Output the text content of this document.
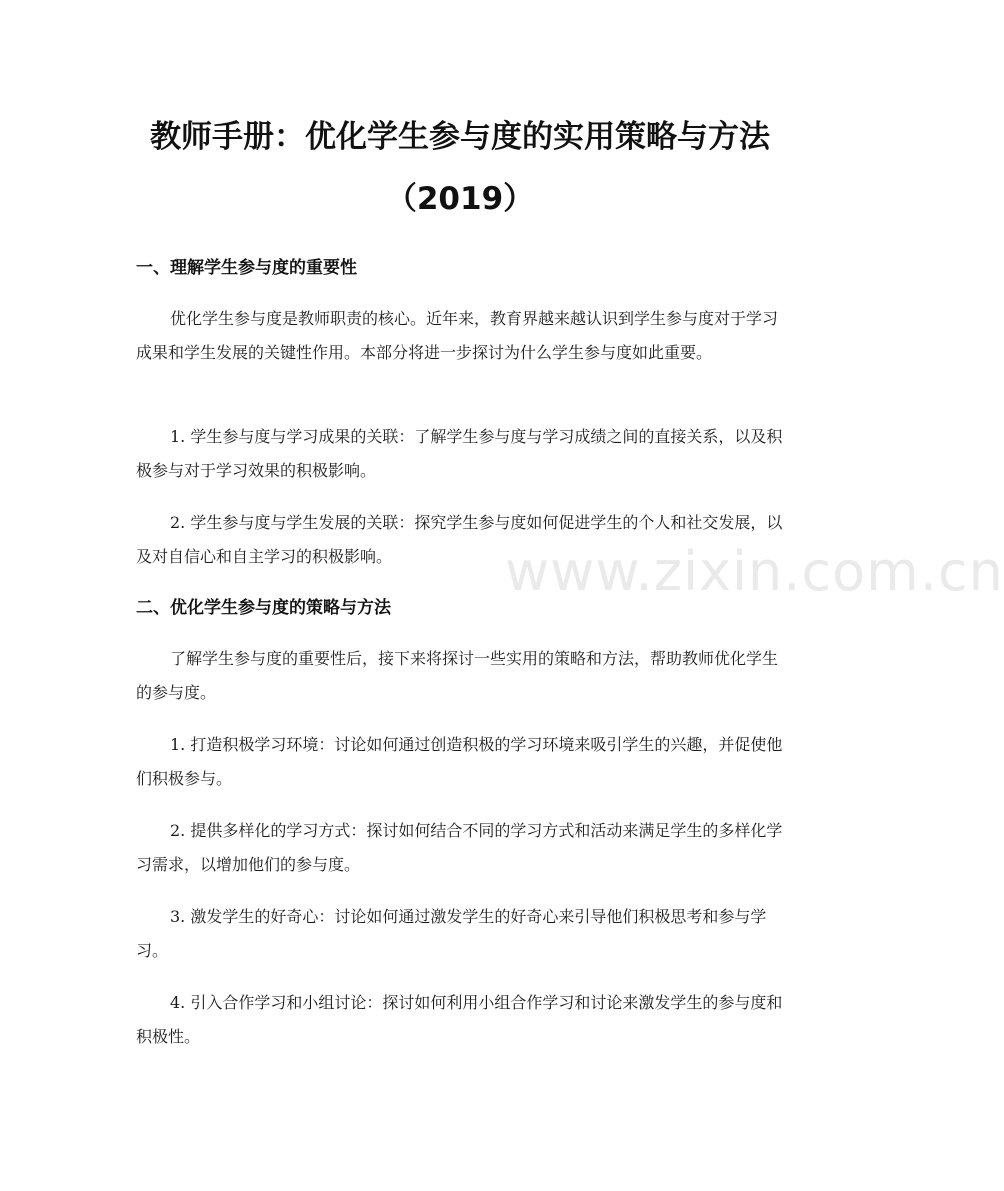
教师手册：优化学生参与度的实用策略与方法（2019）
www.zixin.com.cn
一、理解学生参与度的重要性
优化学生参与度是教师职责的核心。近年来，教育界越来越认识到学生参与度对于学习成果和学生发展的关键性作用。本部分将进一步探讨为什么学生参与度如此重要。
1. 学生参与度与学习成果的关联：了解学生参与度与学习成绩之间的直接关系，以及积极参与对于学习效果的积极影响。
2. 学生参与度与学生发展的关联：探究学生参与度如何促进学生的个人和社交发展，以及对自信心和自主学习的积极影响。
二、优化学生参与度的策略与方法
了解学生参与度的重要性后，接下来将探讨一些实用的策略和方法，帮助教师优化学生的参与度。
1. 打造积极学习环境：讨论如何通过创造积极的学习环境来吸引学生的兴趣，并促使他们积极参与。
2. 提供多样化的学习方式：探讨如何结合不同的学习方式和活动来满足学生的多样化学习需求，以增加他们的参与度。
3. 激发学生的好奇心：讨论如何通过激发学生的好奇心来引导他们积极思考和参与学习。
4. 引入合作学习和小组讨论：探讨如何利用小组合作学习和讨论来激发学生的参与度和积极性。
